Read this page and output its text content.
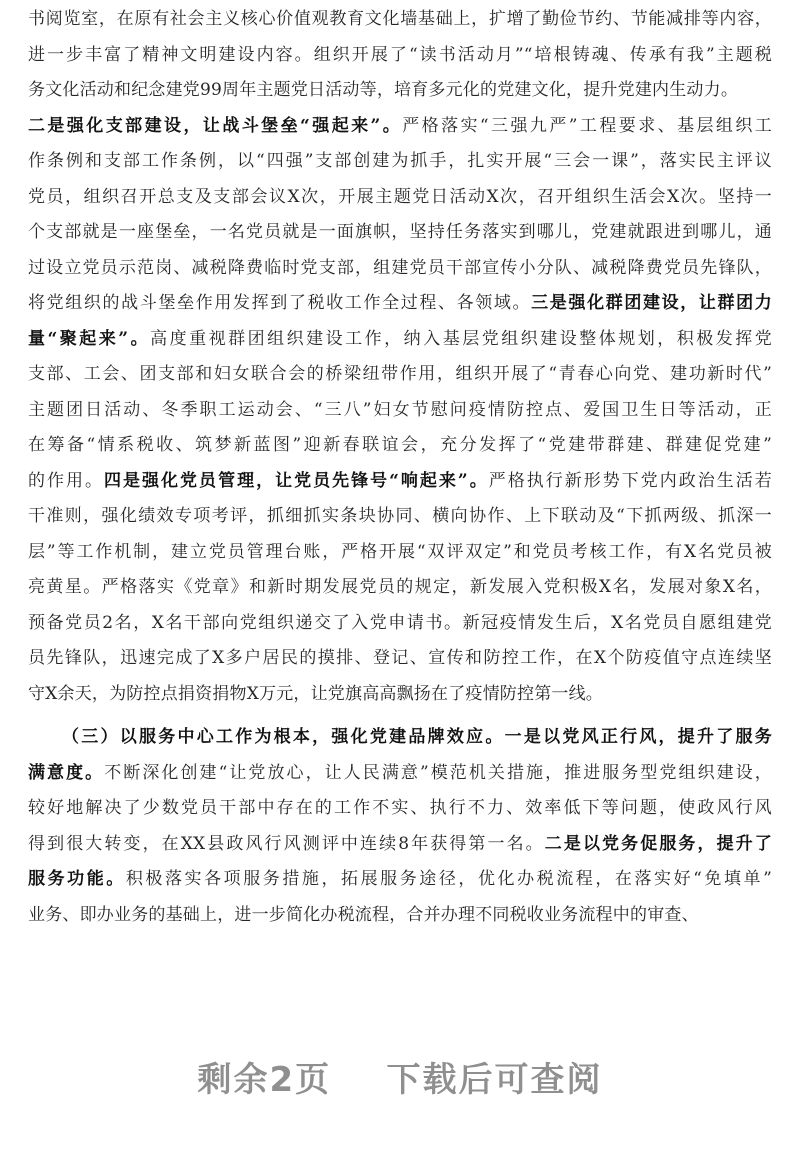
书阅览室，在原有社会主义核心价值观教育文化墙基础上，扩增了勤俭节约、节能减排等内容，
进一步丰富了精神文明建设内容。组织开展了“读书活动月”“培根铸魂、传承有我”主题税
务文化活动和纪念建党99周年主题党日活动等，培育多元化的党建文化，提升党建内生动力。
二是强化支部建设，让战斗堡垒“强起来”。严格落实“三强九严”工程要求、基层组织工
作条例和支部工作条例，以“四强”支部创建为抓手，扎实开展“三会一课”，落实民主评议
党员，组织召开总支及支部会议X次，开展主题党日活动X次，召开组织生活会X次。坚持一
个支部就是一座堡垒，一名党员就是一面旗帜，坚持任务落实到哪儿，党建就跟进到哪儿，通
过设立党员示范岗、减税降费临时党支部，组建党员干部宣传小分队、减税降费党员先锋队，
将党组织的战斗堡垒作用发挥到了税收工作全过程、各领域。三是强化群团建设，让群团力
量“聚起来”。高度重视群团组织建设工作，纳入基层党组织建设整体规划，积极发挥党
支部、工会、团支部和妇女联合会的桥梁纽带作用，组织开展了“青春心向党、建功新时代”
主题团日活动、冬季职工运动会、“三八”妇女节慰问疫情防控点、爱国卫生日等活动，正
在筹备“情系税收、筑梦新蓝图”迎新春联谊会，充分发挥了“党建带群建、群建促党建”
的作用。四是强化党员管理，让党员先锋号“响起来”。严格执行新形势下党内政治生活若
干准则，强化绩效专项考评，抓细抓实条块协同、横向协作、上下联动及“下抓两级、抓深一
层”等工作机制，建立党员管理台账，严格开展“双评双定”和党员考核工作，有X名党员被
亮黄星。严格落实《党章》和新时期发展党员的规定，新发展入党积极X名，发展对象X名，
预备党员2名，X名干部向党组织递交了入党申请书。新冠疫情发生后，X名党员自愿组建党
员先锋队，迅速完成了X多户居民的摸排、登记、宣传和防控工作，在X个防疫值守点连续坚
守X余天，为防控点捐资捐物X万元，让党旗高高飘扬在了疫情防控第一线。
（三）以服务中心工作为根本，强化党建品牌效应。一是以党风正行风，提升了服务
满意度。不断深化创建“让党放心，让人民满意”模范机关措施，推进服务型党组织建设，
较好地解决了少数党员干部中存在的工作不实、执行不力、效率低下等问题，使政风行风
得到很大转变，在XX县政风行风测评中连续8年获得第一名。二是以党务促服务，提升了
服务功能。积极落实各项服务措施，拓展服务途径，优化办税流程，在落实好“免填单”
业务、即办业务的基础上，进一步简化办税流程，合并办理不同税收业务流程中的审查、
剩余2页    下载后可查阅
